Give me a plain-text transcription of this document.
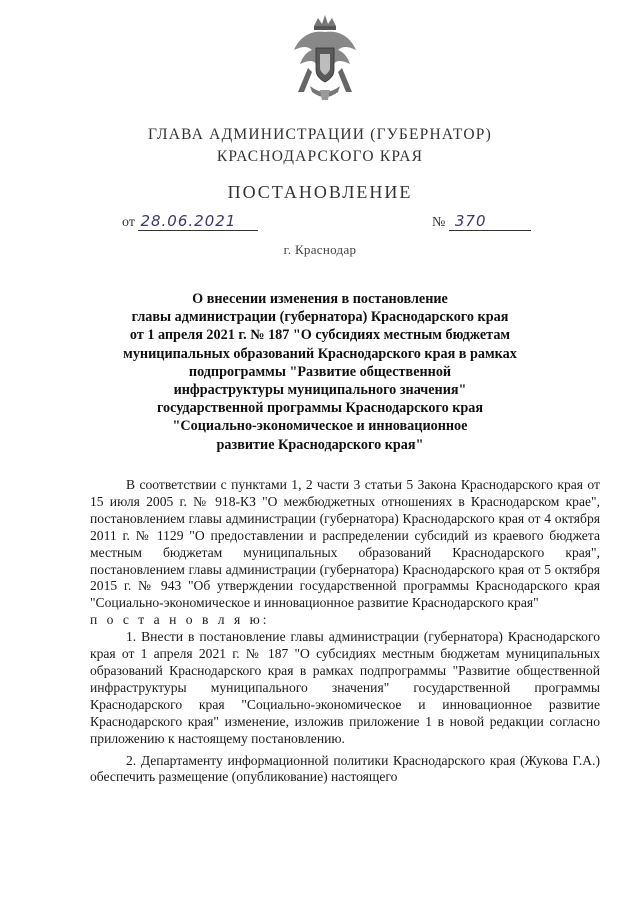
ГЛАВА АДМИНИСТРАЦИИ (ГУБЕРНАТОР)
КРАСНОДАРСКОГО КРАЯ
ПОСТАНОВЛЕНИЕ
от 28.06.2021	№ 370
г. Краснодар
О внесении изменения в постановление
главы администрации (губернатора) Краснодарского края
от 1 апреля 2021 г. № 187 "О субсидиях местным бюджетам
муниципальных образований Краснодарского края в рамках
подпрограммы "Развитие общественной
инфраструктуры муниципального значения"
государственной программы Краснодарского края
"Социально-экономическое и инновационное
развитие Краснодарского края"

В соответствии с пунктами 1, 2 части 3 статьи 5 Закона Краснодарского края от 15 июля 2005 г. № 918-КЗ "О межбюджетных отношениях в Краснодарском крае", постановлением главы администрации (губернатора) Краснодарского края от 4 октября 2011 г. № 1129 "О предоставлении и распределении субсидий из краевого бюджета местным бюджетам муниципальных образований Краснодарского края", постановлением главы администрации (губернатора) Краснодарского края от 5 октября 2015 г. № 943 "Об утверждении государственной программы Краснодарского края "Социально-экономическое и инновационное развитие Краснодарского края"

п о с т а н о в л я ю:

1. Внести в постановление главы администрации (губернатора) Краснодарского края от 1 апреля 2021 г. № 187 "О субсидиях местным бюджетам муниципальных образований Краснодарского края в рамках подпрограммы "Развитие общественной инфраструктуры муниципального значения" государственной программы Краснодарского края "Социально-экономическое и инновационное развитие Краснодарского края" изменение, изложив приложение 1 в новой редакции согласно приложению к настоящему постановлению.

2. Департаменту информационной политики Краснодарского края (Жукова Г.А.) обеспечить размещение (опубликование) настоящего
